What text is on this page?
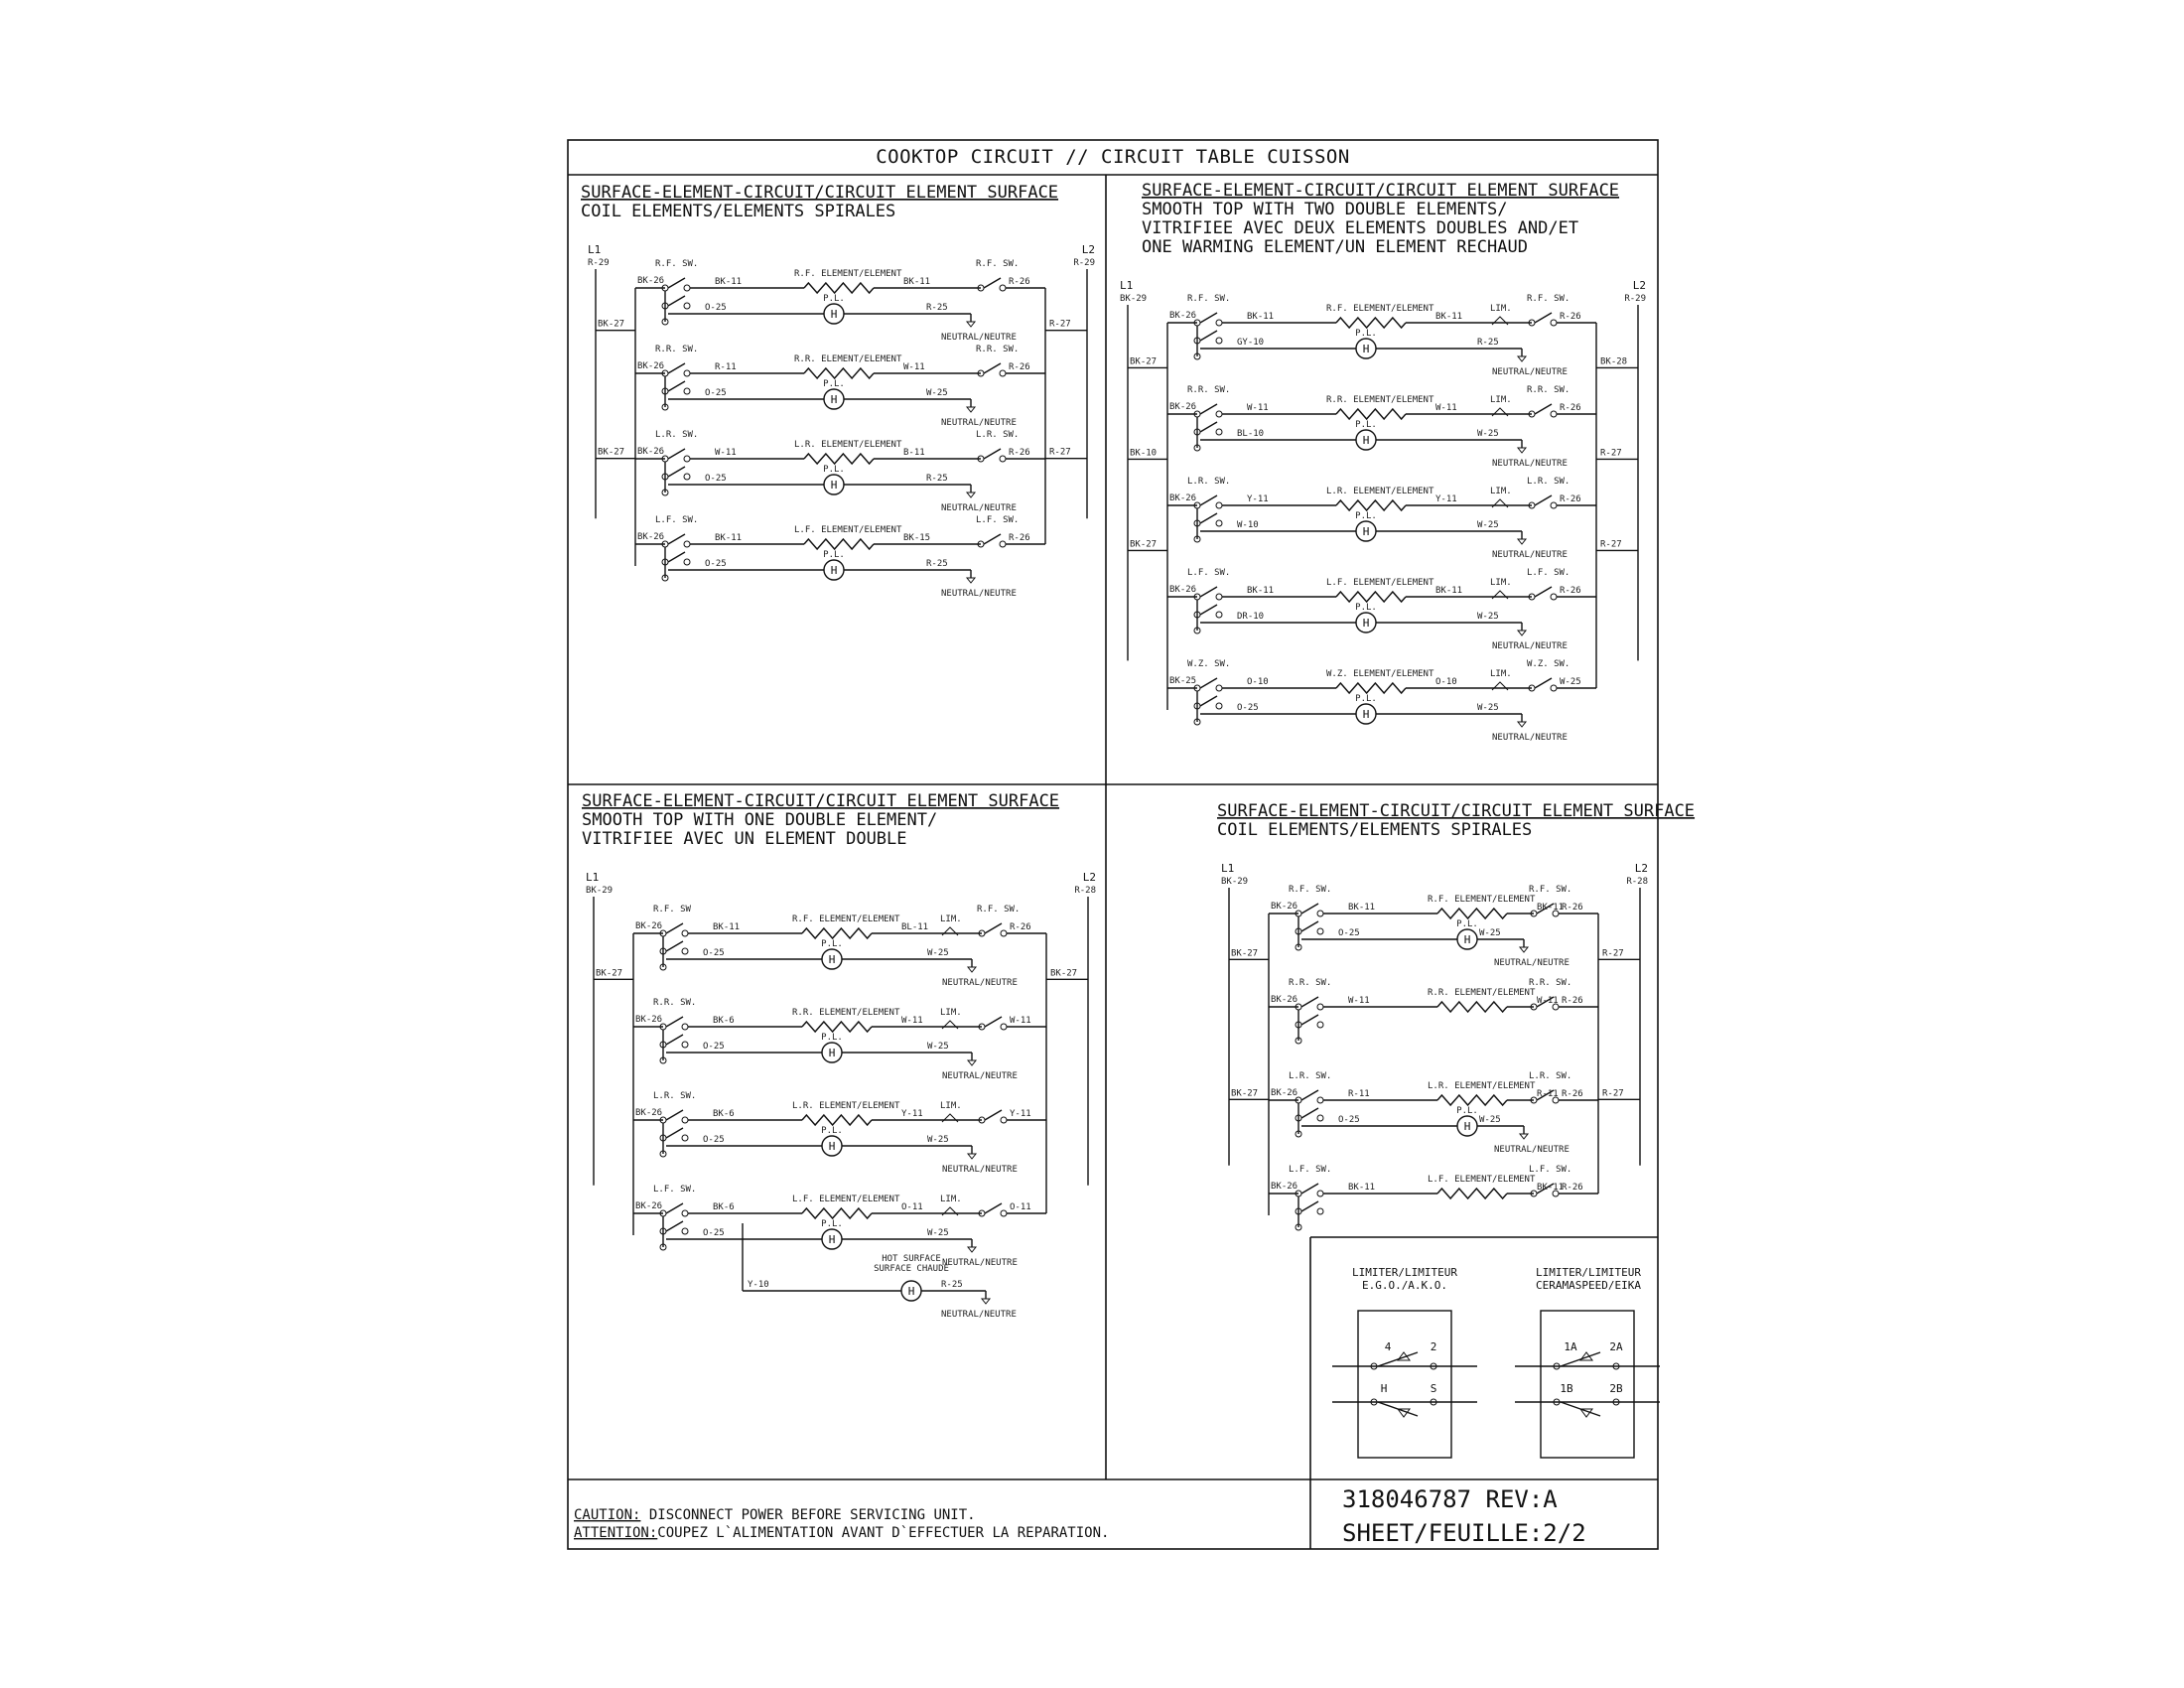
COOKTOP CIRCUIT // CIRCUIT TABLE CUISSON
SURFACE-ELEMENT-CIRCUIT/CIRCUIT ELEMENT SURFACE
COIL ELEMENTS/ELEMENTS SPIRALES
L1
R-29
L2
R-29
BK-27
BK-27
R-27
R-27
R.F. SW.
BK-26	BK-11
R.F. ELEMENT/ELEMENT
BK-11
R.F. SW.
R-26
O-25	H
P.L.
R-25
NEUTRAL/NEUTRE
R.R. SW.
BK-26	R-11
R.R. ELEMENT/ELEMENT
W-11
R.R. SW.
R-26
O-25	H
P.L.
W-25
NEUTRAL/NEUTRE
L.R. SW.
BK-26	W-11
L.R. ELEMENT/ELEMENT
B-11
L.R. SW.
R-26
O-25	H
P.L.
R-25
NEUTRAL/NEUTRE
L.F. SW.
BK-26	BK-11
L.F. ELEMENT/ELEMENT
BK-15
L.F. SW.
R-26
O-25	H
P.L.
R-25
NEUTRAL/NEUTRE
SURFACE-ELEMENT-CIRCUIT/CIRCUIT ELEMENT SURFACE
SMOOTH TOP WITH TWO DOUBLE ELEMENTS/
VITRIFIEE AVEC DEUX ELEMENTS DOUBLES AND/ET
ONE WARMING ELEMENT/UN ELEMENT RECHAUD
L1
BK-29
L2
R-29
BK-27
BK-10
BK-27
BK-28
R-27
R-27
R.F. SW.
BK-26	BK-11
R.F. ELEMENT/ELEMENT
BK-11
LIM.
R.F. SW.
R-26
GY-10	H
P.L.
R-25
NEUTRAL/NEUTRE
R.R. SW.
BK-26	W-11
R.R. ELEMENT/ELEMENT
W-11
LIM.
R.R. SW.
R-26
BL-10	H
P.L.
W-25
NEUTRAL/NEUTRE
L.R. SW.
BK-26	Y-11
L.R. ELEMENT/ELEMENT
Y-11
LIM.
L.R. SW.
R-26
W-10	H
P.L.
W-25
NEUTRAL/NEUTRE
L.F. SW.
BK-26	BK-11
L.F. ELEMENT/ELEMENT
BK-11
LIM.
L.F. SW.
R-26
DR-10	H
P.L.
W-25
NEUTRAL/NEUTRE
W.Z. SW.
BK-25	O-10
W.Z. ELEMENT/ELEMENT
O-10
LIM.
W.Z. SW.
W-25
O-25	H
P.L.
W-25
NEUTRAL/NEUTRE
SURFACE-ELEMENT-CIRCUIT/CIRCUIT ELEMENT SURFACE
SMOOTH TOP WITH ONE DOUBLE ELEMENT/
VITRIFIEE AVEC UN ELEMENT DOUBLE
L1
BK-29
L2
R-28
BK-27	BK-27
R.F. SW
BK-26	BK-11
R.F. ELEMENT/ELEMENT
BL-11
LIM.
R.F. SW.
R-26
O-25	H
P.L.
W-25
NEUTRAL/NEUTRE
R.R. SW.
BK-26	BK-6
R.R. ELEMENT/ELEMENT
W-11
LIM.
W-11
O-25	H
P.L.
W-25
NEUTRAL/NEUTRE
L.R. SW.
BK-26	BK-6
L.R. ELEMENT/ELEMENT
Y-11
LIM.
Y-11
O-25	H
P.L.
W-25
NEUTRAL/NEUTRE
L.F. SW.
BK-26	BK-6
L.F. ELEMENT/ELEMENT
O-11
LIM.
O-11
O-25	H
P.L.
W-25
NEUTRAL/NEUTRE
Y-10	H
HOT SURFACE
SURFACE CHAUDE
R-25
NEUTRAL/NEUTRE
SURFACE-ELEMENT-CIRCUIT/CIRCUIT ELEMENT SURFACE
COIL ELEMENTS/ELEMENTS SPIRALES
L1
BK-29
L2
R-28
BK-27
BK-27
R-27
R-27
R.F. SW.
BK-26	BK-11
R.F. ELEMENT/ELEMENT
BK-11
R.F. SW.
R-26
O-25	H
P.L.
W-25
NEUTRAL/NEUTRE
R.R. SW.
BK-26	W-11
R.R. ELEMENT/ELEMENT
W-11
R.R. SW.
R-26
L.R. SW.
BK-26	R-11
L.R. ELEMENT/ELEMENT
R-11
L.R. SW.
R-26
O-25	H
P.L.
W-25
NEUTRAL/NEUTRE
L.F. SW.
BK-26	BK-11
L.F. ELEMENT/ELEMENT
BK-11
L.F. SW.
R-26
LIMITER/LIMITEUR
E.G.O./A.K.O.
4	2
H	S
LIMITER/LIMITEUR
CERAMASPEED/EIKA
1A	2A
1B	2B
CAUTION: DISCONNECT POWER BEFORE SERVICING UNIT.
ATTENTION:COUPEZ L`ALIMENTATION AVANT D`EFFECTUER LA REPARATION.
318046787 REV:A
SHEET/FEUILLE:2/2
